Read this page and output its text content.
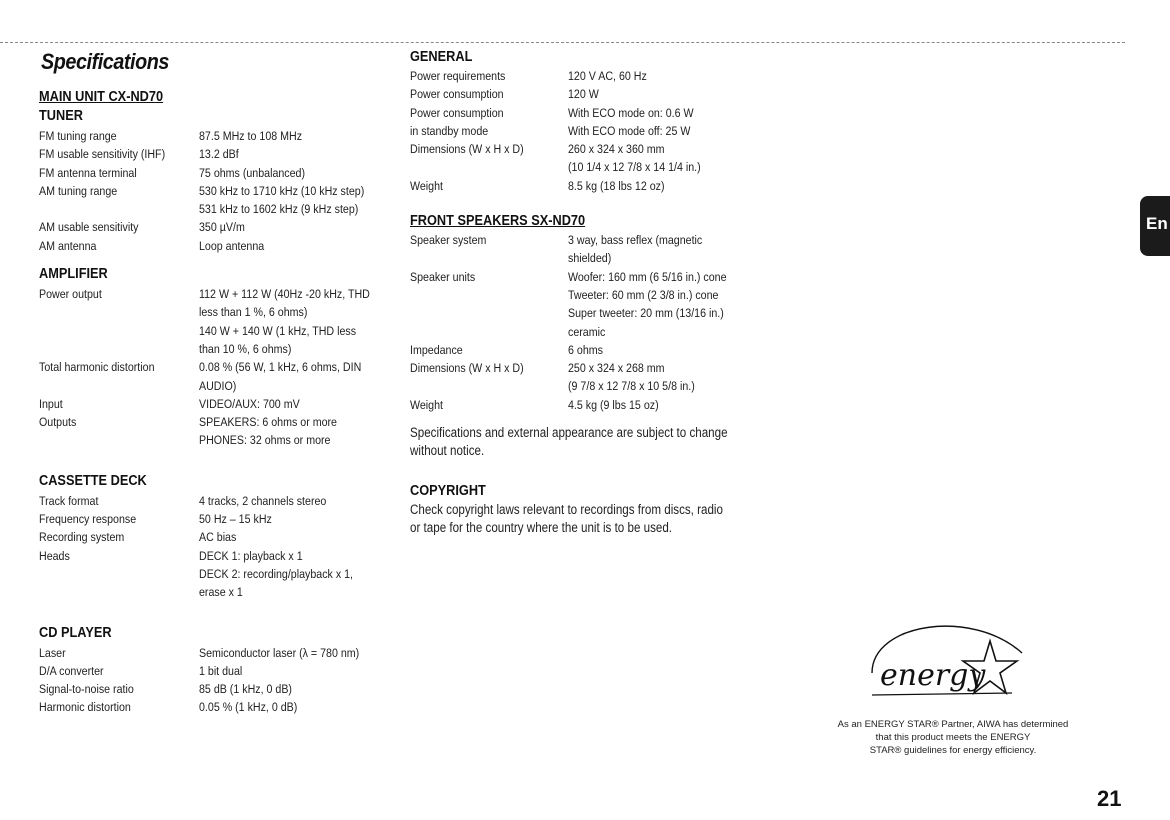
Specifications
MAIN UNIT CX-ND70
TUNER
FM tuning range	87.5 MHz to 108 MHz
FM usable sensitivity (IHF)	13.2 dBf
FM antenna terminal	75 ohms (unbalanced)
AM tuning range	530 kHz to 1710 kHz (10 kHz step)
531 kHz to 1602 kHz (9 kHz step)
AM usable sensitivity	350 µV/m
AM antenna	Loop antenna
AMPLIFIER
Power output	112 W + 112 W (40Hz -20 kHz, THD
less than 1 %, 6 ohms)
140 W + 140 W (1 kHz, THD less
than 10 %, 6 ohms)
Total harmonic distortion	0.08 % (56 W, 1 kHz, 6 ohms, DIN
AUDIO)
Input	VIDEO/AUX: 700 mV
Outputs	SPEAKERS: 6 ohms or more
PHONES: 32 ohms or more
CASSETTE DECK
Track format	4 tracks, 2 channels stereo
Frequency response	50 Hz – 15 kHz
Recording system	AC bias
Heads	DECK 1: playback x 1
DECK 2: recording/playback x 1,
erase x 1
CD PLAYER
Laser	Semiconductor laser (λ = 780 nm)
D/A converter	1 bit dual
Signal-to-noise ratio	85 dB (1 kHz, 0 dB)
Harmonic distortion	0.05 % (1 kHz, 0 dB)
GENERAL
Power requirements	120 V AC, 60 Hz
Power consumption	120 W
Power consumption	With ECO mode on: 0.6 W
in standby mode	With ECO mode off: 25 W
Dimensions (W x H x D)	260 x 324 x 360 mm
(10 1/4 x 12 7/8 x 14 1/4 in.)
Weight	8.5 kg (18 lbs 12 oz)
FRONT SPEAKERS SX-ND70
Speaker system	3 way, bass reflex (magnetic
shielded)
Speaker units	Woofer: 160 mm (6 5/16 in.) cone
Tweeter: 60 mm (2 3/8 in.) cone
Super tweeter: 20 mm (13/16 in.)
ceramic
Impedance	6 ohms
Dimensions (W x H x D)	250 x 324 x 268 mm
(9 7/8 x 12 7/8 x 10 5/8 in.)
Weight	4.5 kg (9 lbs 15 oz)
Specifications and external appearance are subject to change
without notice.
COPYRIGHT
Check copyright laws relevant to recordings from discs, radio
or tape for the country where the unit is to be used.
En
energy
As an ENERGY STAR® Partner, AIWA has determined
that this product meets the ENERGY
STAR® guidelines for energy efficiency.
21
